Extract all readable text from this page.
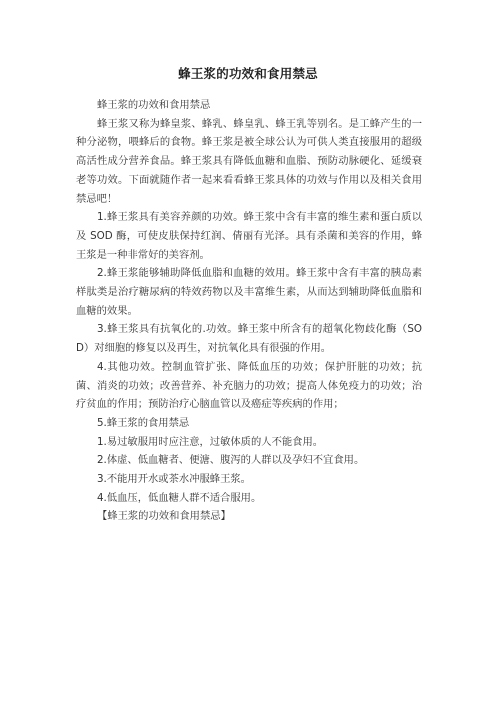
蜂王浆的功效和食用禁忌

蜂王浆的功效和食用禁忌

蜂王浆又称为蜂皇浆、蜂乳、蜂皇乳、蜂王乳等别名。是工蜂产生的一种分泌物，喂蜂后的食物。蜂王浆是被全球公认为可供人类直接服用的超级高活性成分营养食品。蜂王浆具有降低血糖和血脂、预防动脉硬化、延缓衰老等功效。下面就随作者一起来看看蜂王浆具体的功效与作用以及相关食用禁忌吧！

1.蜂王浆具有美容养颜的功效。蜂王浆中含有丰富的维生素和蛋白质以及 SOD 酶，可使皮肤保持红润、倩丽有光泽。具有杀菌和美容的作用，蜂王浆是一种非常好的美容剂。

2.蜂王浆能够辅助降低血脂和血糖的效用。蜂王浆中含有丰富的胰岛素样肽类是治疗糖尿病的特效药物以及丰富维生素，从而达到辅助降低血脂和血糖的效果。

3.蜂王浆具有抗氧化的.功效。蜂王浆中所含有的超氧化物歧化酶（SOD）对细胞的修复以及再生，对抗氧化具有很强的作用。

4.其他功效。控制血管扩张、降低血压的功效；保护肝脏的功效；抗菌、消炎的功效；改善营养、补充脑力的功效；提高人体免疫力的功效；治疗贫血的作用；预防治疗心脑血管以及癌症等疾病的作用；

5.蜂王浆的食用禁忌

1.易过敏服用时应注意，过敏体质的人不能食用。

2.体虚、低血糖者、便溏、腹泻的人群以及孕妇不宜食用。

3.不能用开水或茶水冲服蜂王浆。

4.低血压，低血糖人群不适合服用。

【蜂王浆的功效和食用禁忌】
